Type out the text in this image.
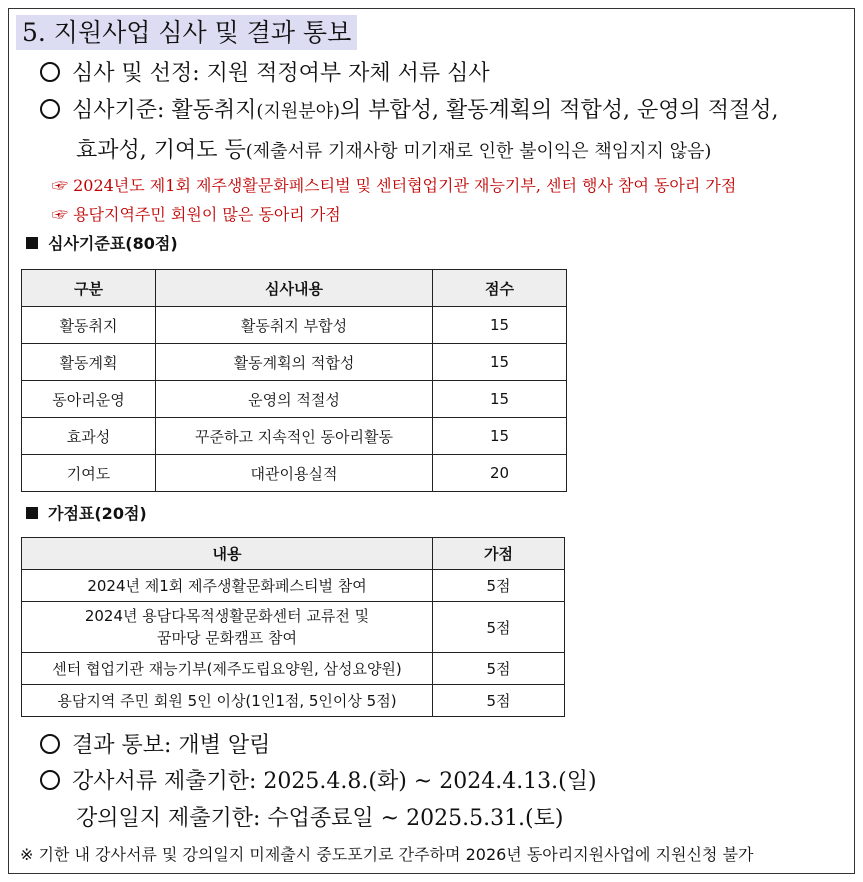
5. 지원사업 심사 및 결과 통보
심사 및 선정: 지원 적정여부 자체 서류 심사
심사기준: 활동취지(지원분야)의 부합성, 활동계획의 적합성, 운영의 적절성,
효과성, 기여도 등(제출서류 기재사항 미기재로 인한 불이익은 책임지지 않음)
☞ 2024년도 제1회 제주생활문화페스티벌 및 센터협업기관 재능기부, 센터 행사 참여 동아리 가점
☞ 용담지역주민 회원이 많은 동아리 가점
심사기준표(80점)
구분	심사내용	점수
활동취지	활동취지 부합성	15
활동계획	활동계획의 적합성	15
동아리운영	운영의 적절성	15
효과성	꾸준하고 지속적인 동아리활동	15
기여도	대관이용실적	20
가점표(20점)
내용	가점
2024년 제1회 제주생활문화페스티벌 참여	5점
2024년 용담다목적생활문화센터 교류전 및
꿈마당 문화캠프 참여	5점
센터 협업기관 재능기부(제주도립요양원, 삼성요양원)	5점
용담지역 주민 회원 5인 이상(1인1점, 5인이상 5점)	5점
결과 통보: 개별 알림
강사서류 제출기한: 2025.4.8.(화) ~ 2024.4.13.(일)
강의일지 제출기한: 수업종료일 ~ 2025.5.31.(토)
※ 기한 내 강사서류 및 강의일지 미제출시 중도포기로 간주하며 2026년 동아리지원사업에 지원신청 불가
